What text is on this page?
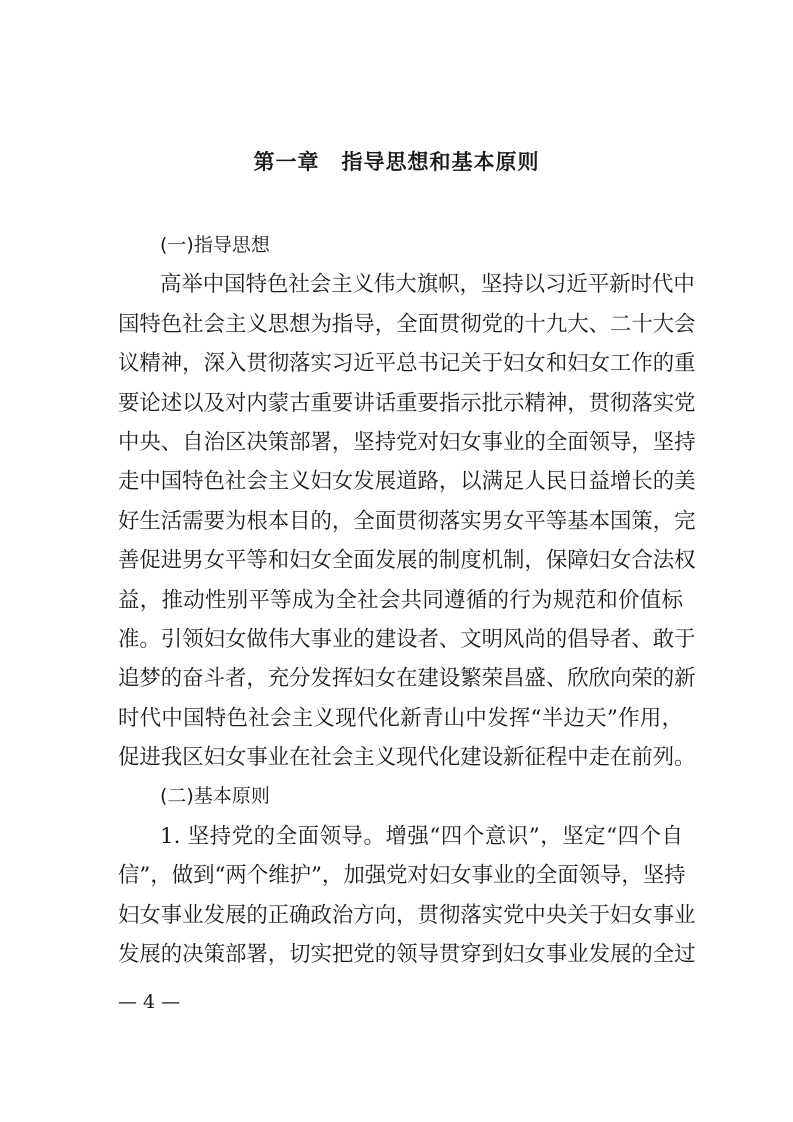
第一章　指导思想和基本原则
(一)指导思想
高举中国特色社会主义伟大旗帜，坚持以习近平新时代中
国特色社会主义思想为指导，全面贯彻党的十九大、二十大会
议精神，深入贯彻落实习近平总书记关于妇女和妇女工作的重
要论述以及对内蒙古重要讲话重要指示批示精神，贯彻落实党
中央、自治区决策部署，坚持党对妇女事业的全面领导，坚持
走中国特色社会主义妇女发展道路，以满足人民日益增长的美
好生活需要为根本目的，全面贯彻落实男女平等基本国策，完
善促进男女平等和妇女全面发展的制度机制，保障妇女合法权
益，推动性别平等成为全社会共同遵循的行为规范和价值标
准。引领妇女做伟大事业的建设者、文明风尚的倡导者、敢于
追梦的奋斗者，充分发挥妇女在建设繁荣昌盛、欣欣向荣的新
时代中国特色社会主义现代化新青山中发挥“半边天”作用，
促进我区妇女事业在社会主义现代化建设新征程中走在前列。
(二)基本原则
1. 坚持党的全面领导。增强“四个意识”，坚定“四个自
信”，做到“两个维护”，加强党对妇女事业的全面领导，坚持
妇女事业发展的正确政治方向，贯彻落实党中央关于妇女事业
发展的决策部署，切实把党的领导贯穿到妇女事业发展的全过
— 4 —
